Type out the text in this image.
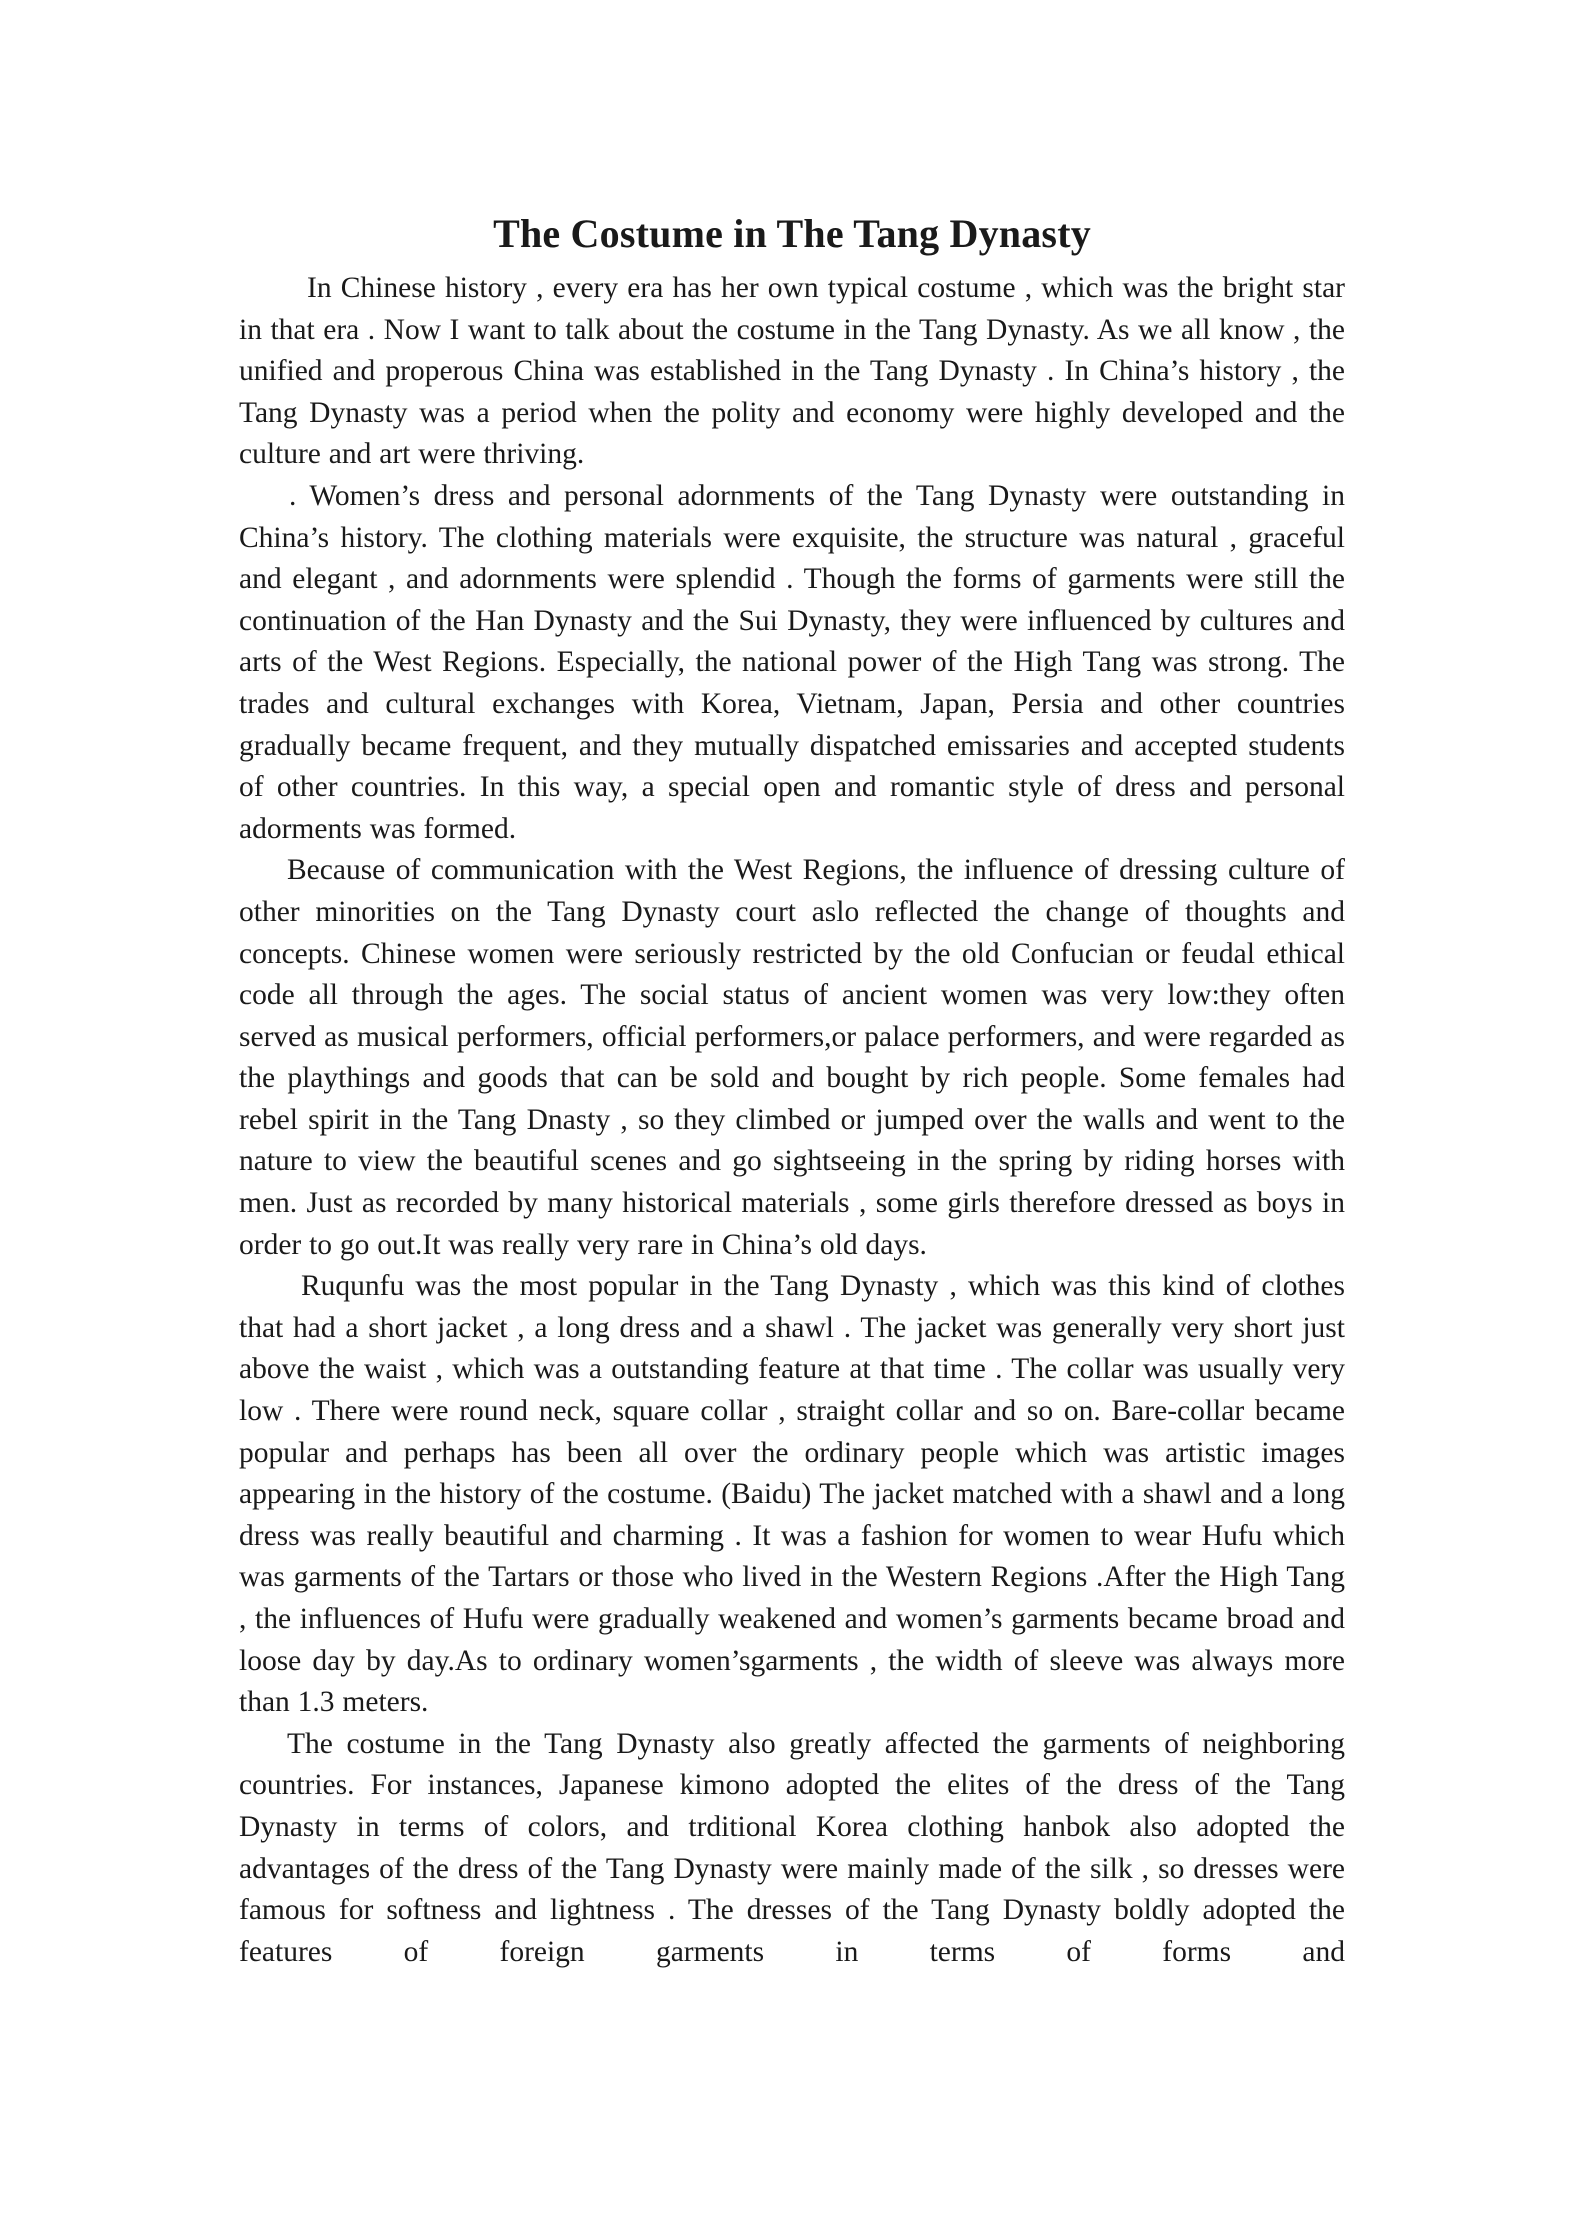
The Costume in The Tang Dynasty

In Chinese history , every era has her own typical costume , which was the bright star in that era . Now I want to talk about the costume in the Tang Dynasty. As we all know , the unified and properous China was established in the Tang Dynasty . In China’s history , the Tang Dynasty was a period when the polity and economy were highly developed and the culture and art were thriving.

. Women’s dress and personal adornments of the Tang Dynasty were outstanding in China’s history. The clothing materials were exquisite, the structure was natural , graceful and elegant , and adornments were splendid . Though the forms of garments were still the continuation of the Han Dynasty and the Sui Dynasty, they were influenced by cultures and arts of the West Regions. Especially, the national power of the High Tang was strong. The trades and cultural exchanges with Korea, Vietnam, Japan, Persia and other countries gradually became frequent, and they mutually dispatched emissaries and accepted students of other countries. In this way, a special open and romantic style of dress and personal adorments was formed.

Because of communication with the West Regions, the influence of dressing culture of other minorities on the Tang Dynasty court aslo reflected the change of thoughts and concepts. Chinese women were seriously restricted by the old Confucian or feudal ethical code all through the ages. The social status of ancient women was very low:they often served as musical performers, official performers,or palace performers, and were regarded as the playthings and goods that can be sold and bought by rich people. Some females had rebel spirit in the Tang Dnasty , so they climbed or jumped over the walls and went to the nature to view the beautiful scenes and go sightseeing in the spring by riding horses with men. Just as recorded by many historical materials , some girls therefore dressed as boys in order to go out.It was really very rare in China’s old days.

Ruqunfu was the most popular in the Tang Dynasty , which was this kind of clothes that had a short jacket , a long dress and a shawl . The jacket was generally very short just above the waist , which was a outstanding feature at that time . The collar was usually very low . There were round neck, square collar , straight collar and so on. Bare-collar became popular and perhaps has been all over the ordinary people which was artistic images appearing in the history of the costume. (Baidu) The jacket matched with a shawl and a long dress was really beautiful and charming . It was a fashion for women to wear Hufu which was garments of the Tartars or those who lived in the Western Regions .After the High Tang , the influences of Hufu were gradually weakened and women’s garments became broad and loose day by day.As to ordinary women’sgarments , the width of sleeve was always more than 1.3 meters.

The costume in the Tang Dynasty also greatly affected the garments of neighboring countries. For instances, Japanese kimono adopted the elites of the dress of the Tang Dynasty in terms of colors, and trditional Korea clothing hanbok also adopted the advantages of the dress of the Tang Dynasty were mainly made of the silk , so dresses were famous for softness and lightness . The dresses of the Tang Dynasty boldly adopted the features of foreign garments in terms of forms and
